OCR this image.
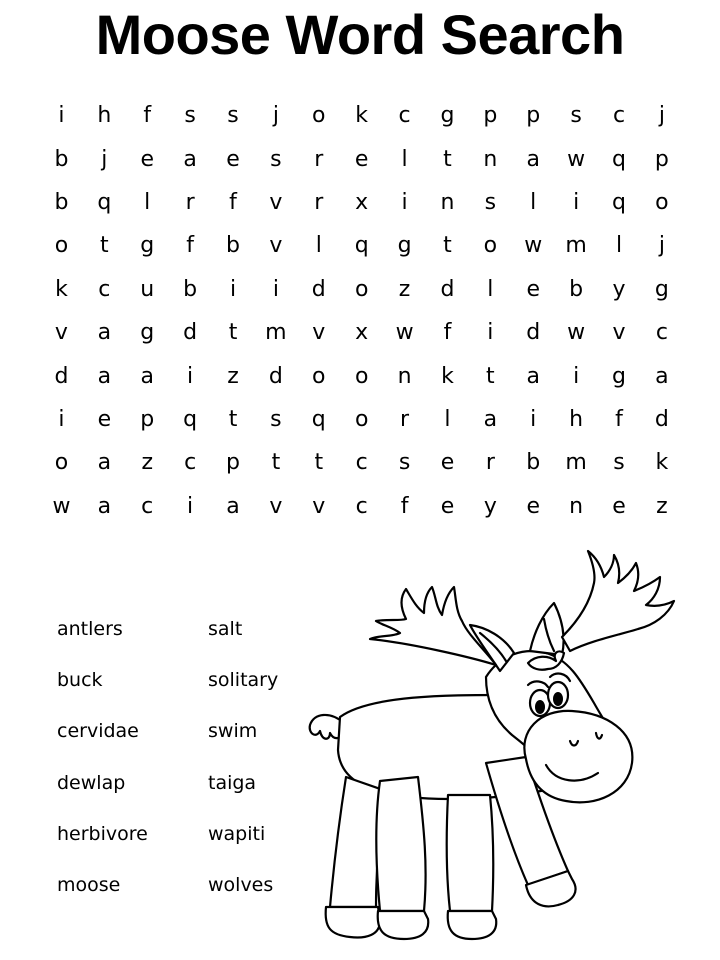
Moose Word Search
i	h	f	s	s	j	o	k	c	g	p	p	s	c	j
b	j	e	a	e	s	r	e	l	t	n	a	w	q	p
b	q	l	r	f	v	r	x	i	n	s	l	i	q	o
o	t	g	f	b	v	l	q	g	t	o	w	m	l	j
k	c	u	b	i	i	d	o	z	d	l	e	b	y	g
v	a	g	d	t	m	v	x	w	f	i	d	w	v	c
d	a	a	i	z	d	o	o	n	k	t	a	i	g	a
i	e	p	q	t	s	q	o	r	l	a	i	h	f	d
o	a	z	c	p	t	t	c	s	e	r	b	m	s	k
w	a	c	i	a	v	v	c	f	e	y	e	n	e	z
antlers
buck
cervidae
dewlap
herbivore
moose
salt
solitary
swim
taiga
wapiti
wolves
